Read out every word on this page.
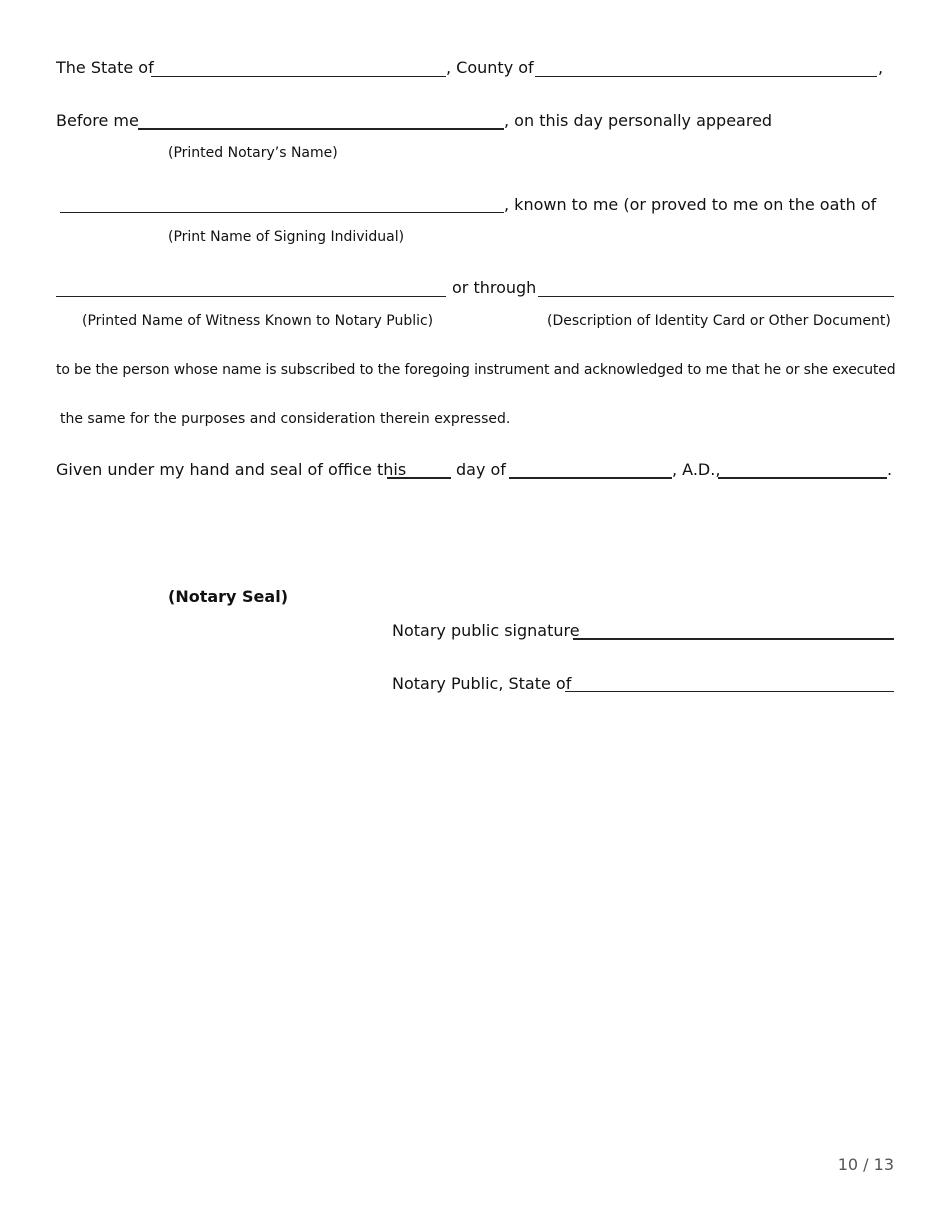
The State of	, County of	,
Before me	, on this day personally appeared
(Printed Notary’s Name)
, known to me (or proved to me on the oath of
(Print Name of Signing Individual)
or through
(Printed Name of Witness Known to Notary Public)	(Description of Identity Card or Other Document)
to be the person whose name is subscribed to the foregoing instrument and acknowledged to me that he or she executed
the same for the purposes and consideration therein expressed.
Given under my hand and seal of office this	day of	, A.D.,	.
(Notary Seal)
Notary public signature
Notary Public, State of
10 / 13
